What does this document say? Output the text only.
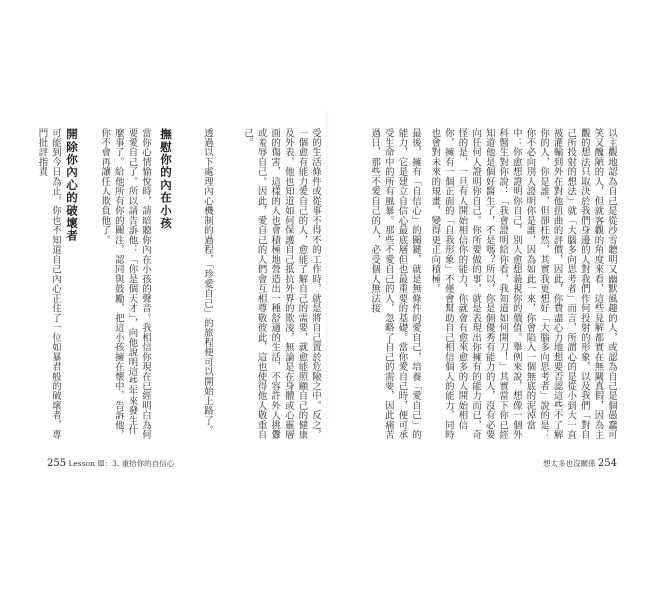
以主觀地認為自己是從沙雪聽明又幽默風趣的人，或認為自己是個愚蠢可笑又醜陋的人，但就客觀的角度來看，這些見解都實在無關真假，因為主觀的想法只取決於我們身邊的人對我們作何投射的形象，以及我們「對自己所投射的想法」就「大腦多向思考者」而言，所謂心的是從小到大一直被灌輸到外在對他扭曲的評價，因此，你費盡心力地想要否認這些不了解你的人，你是誰，但卻枉然，其實我更想好「大腦多向思考者」說的是：你不必向別人證明你是誰，因為如此一來，你會陷入一個無底的泥淖當中：你愈想證明你自己，別人愈想藐視你的價值。舉例來說，想像一個外科醫生對你說：「我會證明給你看，我知道如何開刀！」其實當下你已經知道他是個好醫生了，不是嗎？所以，你是個優秀有能力的人，沒有必要向任何人證明你自己。你所要做的事，就是表現出你擁有的能力而已，奇怪的是，一旦有人開始相信你的能力，你就會有愈來愈多的人開始相信你，擁有一個正面的「自我形象」不僅會幫助自己相信個人的能力，同時也會對未來的規畫，變得更正向積極。
最後，擁有「自信心」的關鍵，就是無條件的愛自己，培養「愛自己」的能力，它是建立自信心最底層但也最重要的基礎。當你愛自己時，便可承受生命中的所有風暴。那些不愛自己的人，忽略了自己的需要，因此痛苦過日，那些不愛自己的人，必受個人無法接
受的生活條件或從事不得不的工作時，就是將自己置於危險之中。反之，一個愈有能力愛自己的人，愈能了解自己的需要，就愈能照顧自己的健康及外表，他也知道如何保護自己抵抗外界的欺凌，無論是在身體或心靈層面的傷害，這樣的人也會積極地營造出一種舒適的生活，不容許外人挑釁或羞辱自己。因此，愛自己的人們會互相尊敬彼此，這也使得他人敬重自己。
透過以下處理內心機制的過程，「珍愛自己」的旅程便可以開始上路了。
撫慰你的內在小孩
當你心情愉悅時，請暗聽你內在小孩的聲音。我相信你現在已經明白為何要愛自己了。所以請告訴他：「你是個天才」，向他說明這些年來發生什麼事了。給他所有你的關注，認同與鼓勵，把這小孩擁在懷中，告訴他，你不會再讓任人欺負他了。
開除你內心的破壞者
可能到今日為止，你也不知道自己內心正住了一位如暴君般的破壞者，專門批評指責
255 Lesson Ⅲ：3. 重拾你的自信心	想太多也沒關係 254
